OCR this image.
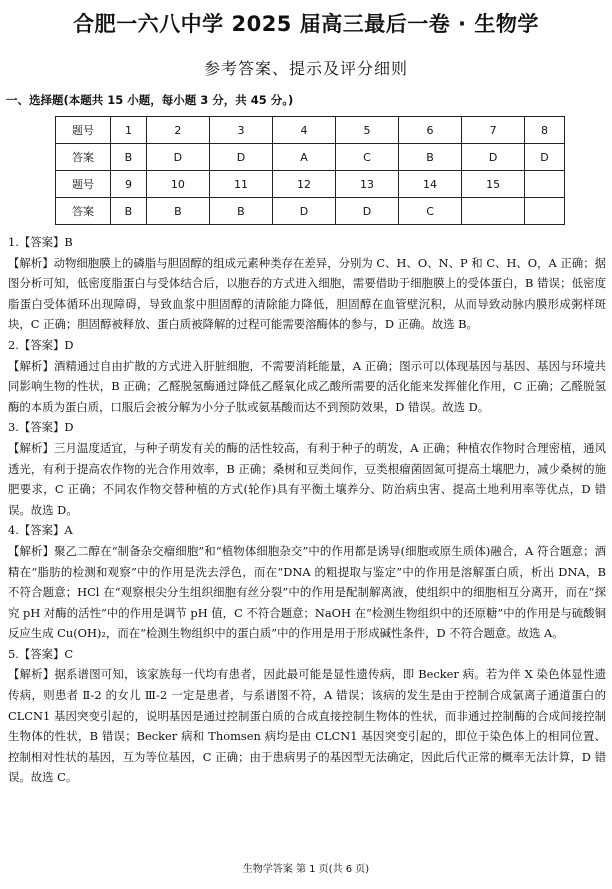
合肥一六八中学 2025 届高三最后一卷 · 生物学
参考答案、提示及评分细则
一、选择题(本题共 15 小题，每小题 3 分，共 45 分。)
题号	1	2	3	4	5	6	7	8
答案	B	D	D	A	C	B	D	D
题号	9	10	11	12	13	14	15	
答案	B	B	B	D	D	C		

1.【答案】B

【解析】动物细胞膜上的磷脂与胆固醇的组成元素种类存在差异，分别为 C、H、O、N、P 和 C、H、O，A 正确；据图分析可知，低密度脂蛋白与受体结合后，以胞吞的方式进入细胞，需要借助于细胞膜上的受体蛋白，B 错误；低密度脂蛋白受体循环出现障碍，导致血浆中胆固醇的清除能力降低，胆固醇在血管壁沉积，从而导致动脉内膜形成粥样斑块，C 正确；胆固醇被释放、蛋白质被降解的过程可能需要溶酶体的参与，D 正确。故选 B。

2.【答案】D

【解析】酒精通过自由扩散的方式进入肝脏细胞，不需要消耗能量，A 正确；图示可以体现基因与基因、基因与环境共同影响生物的性状，B 正确；乙醛脱氢酶通过降低乙醛氧化成乙酸所需要的活化能来发挥催化作用，C 正确；乙醛脱氢酶的本质为蛋白质，口服后会被分解为小分子肽或氨基酸而达不到预防效果，D 错误。故选 D。

3.【答案】D

【解析】三月温度适宜，与种子萌发有关的酶的活性较高，有利于种子的萌发，A 正确；种植农作物时合理密植，通风透光，有利于提高农作物的光合作用效率，B 正确；桑树和豆类间作，豆类根瘤菌固氮可提高土壤肥力，减少桑树的施肥要求，C 正确；不同农作物交替种植的方式(轮作)具有平衡土壤养分、防治病虫害、提高土地利用率等优点，D 错误。故选 D。

4.【答案】A

【解析】聚乙二醇在“制备杂交瘤细胞”和“植物体细胞杂交”中的作用都是诱导(细胞或原生质体)融合，A 符合题意；酒精在“脂肪的检测和观察”中的作用是洗去浮色，而在“DNA 的粗提取与鉴定”中的作用是溶解蛋白质，析出 DNA，B 不符合题意；HCl 在“观察根尖分生组织细胞有丝分裂”中的作用是配制解离液，使组织中的细胞相互分离开，而在“探究 pH 对酶的活性”中的作用是调节 pH 值，C 不符合题意；NaOH 在“检测生物组织中的还原糖”中的作用是与硫酸铜反应生成 Cu(OH)₂，而在“检测生物组织中的蛋白质”中的作用是用于形成碱性条件，D 不符合题意。故选 A。

5.【答案】C

【解析】据系谱图可知，该家族每一代均有患者，因此最可能是显性遗传病，即 Becker 病。若为伴 X 染色体显性遗传病，则患者 Ⅱ-2 的女儿 Ⅲ-2 一定是患者，与系谱图不符，A 错误；该病的发生是由于控制合成氯离子通道蛋白的 CLCN1 基因突变引起的，说明基因是通过控制蛋白质的合成直接控制生物体的性状，而非通过控制酶的合成间接控制生物体的性状，B 错误；Becker 病和 Thomsen 病均是由 CLCN1 基因突变引起的，即位于染色体上的相同位置、控制相对性状的基因，互为等位基因，C 正确；由于患病男子的基因型无法确定，因此后代正常的概率无法计算，D 错误。故选 C。

生物学答案 第 1 页(共 6 页)
